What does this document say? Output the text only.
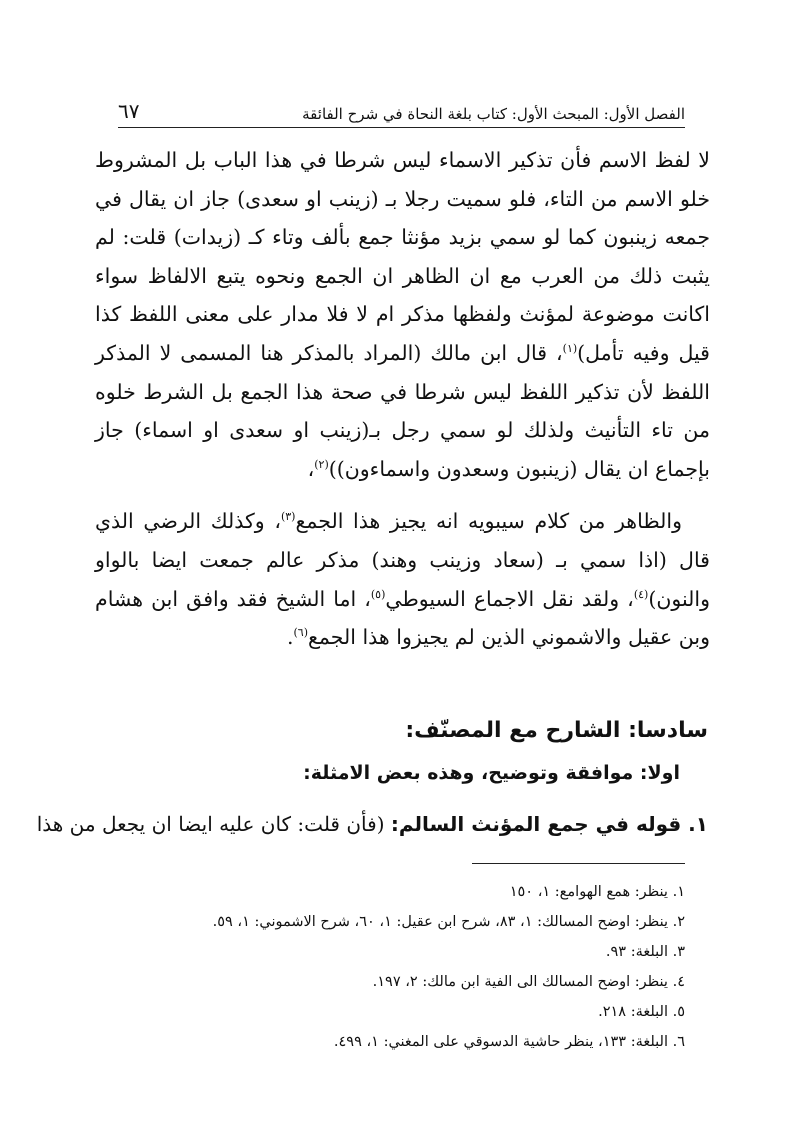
الفصل الأول: المبحث الأول: كتاب بلغة النحاة في شرح الفائقة
٦٧

لا لفظ الاسم فأن تذكير الاسماء ليس شرطا في هذا الباب بل المشروط خلو الاسم من التاء، فلو سميت رجلا بـ (زينب او سعدى) جاز ان يقال في جمعه زينبون كما لو سمي بزيد مؤنثا جمع بألف وتاء كـ (زيدات) قلت: لم يثبت ذلك من العرب مع ان الظاهر ان الجمع ونحوه يتبع الالفاظ سواء اكانت موضوعة لمؤنث ولفظها مذكر ام لا فلا مدار على معنى اللفظ كذا قيل وفيه تأمل)$^{(١)}$، قال ابن مالك (المراد بالمذكر هنا المسمى لا المذكر اللفظ لأن تذكير اللفظ ليس شرطا في صحة هذا الجمع بل الشرط خلوه من تاء التأنيث ولذلك لو سمي رجل بـ(زينب او سعدى او اسماء) جاز بإجماع ان يقال (زينبون وسعدون واسماءون))$^{(٢)}$،

والظاهر من كلام سيبويه انه يجيز هذا الجمع$^{(٣)}$، وكذلك الرضي الذي قال (اذا سمي بـ (سعاد وزينب وهند) مذكر عالم جمعت ايضا بالواو والنون)$^{(٤)}$، ولقد نقل الاجماع السيوطي$^{(٥)}$، اما الشيخ فقد وافق ابن هشام وبن عقيل والاشموني الذين لم يجيزوا هذا الجمع$^{(٦)}$.

سادسا: الشارح مع المصنّف:
اولا: موافقة وتوضيح، وهذه بعض الامثلة:
١. قوله في جمع المؤنث السالم: (فأن قلت: كان عليه ايضا ان يجعل من هذا

١. ينظر: همع الهوامع: ١، ١٥٠

٢. ينظر: اوضح المسالك: ١، ٨٣، شرح ابن عقيل: ١، ٦٠، شرح الاشموني: ١، ٥٩.

٣. البلغة: ٩٣.

٤. ينظر: اوضح المسالك الى الفية ابن مالك: ٢، ١٩٧.

٥. البلغة: ٢١٨.

٦. البلغة: ١٣٣، ينظر حاشية الدسوقي على المغني: ١، ٤٩٩.
